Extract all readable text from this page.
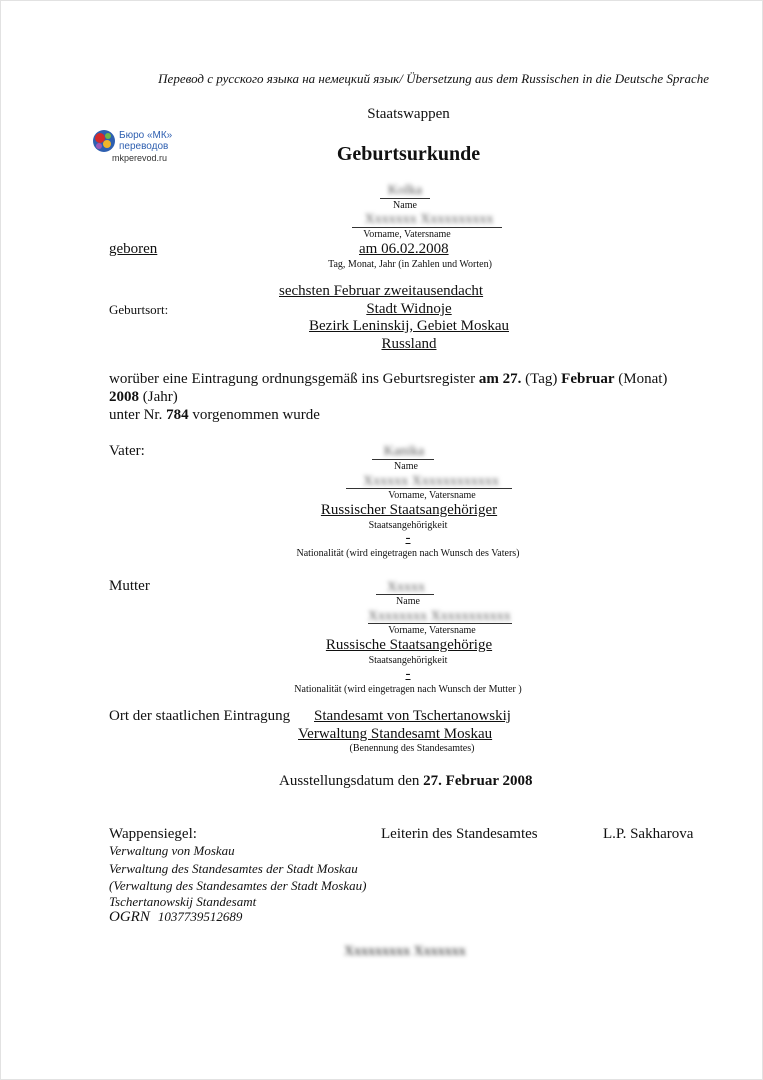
Перевод с русского языка на немецкий язык/ Übersetzung aus dem Russischen in die Deutsche Sprache
Staatswappen
Бюро «МК»
переводов
mkperevod.ru	Geburtsurkunde
Kolka
Name
Xxxxxxx Xxxxxxxxxx
Vorname, Vatersname
geboren	am 06.02.2008
Tag, Monat, Jahr (in Zahlen und Worten)
sechsten Februar zweitausendacht
Geburtsort:	Stadt Widnoje
Bezirk Leninskij, Gebiet Moskau
Russland
worüber eine Eintragung ordnungsgemäß ins Geburtsregister am 27. (Tag) Februar (Monat)
2008 (Jahr)
unter Nr. 784 vorgenommen wurde
Vater:	Kanika
Name
Xxxxxx Xxxxxxxxxxxx
Vorname, Vatersname
Russischer Staatsangehöriger
Staatsangehörigkeit
-
Nationalität (wird eingetragen nach Wunsch des Vaters)
Mutter	Xxxxx
Name
Xxxxxxxx Xxxxxxxxxxx
Vorname, Vatersname
Russische Staatsangehörige
Staatsangehörigkeit
-
Nationalität (wird eingetragen nach Wunsch der Mutter )
Ort der staatlichen Eintragung Standesamt von Tschertanowskij
Verwaltung Standesamt Moskau
(Benennung des Standesamtes)
Ausstellungsdatum den 27. Februar 2008
Wappensiegel:	Leiterin des Standesamtes	L.P. Sakharova
Verwaltung von Moskau
Verwaltung des Standesamtes der Stadt Moskau
(Verwaltung des Standesamtes der Stadt Moskau)
Tschertanowskij Standesamt
OGRN 1037739512689
Xxxxxxxxx Xxxxxxx
